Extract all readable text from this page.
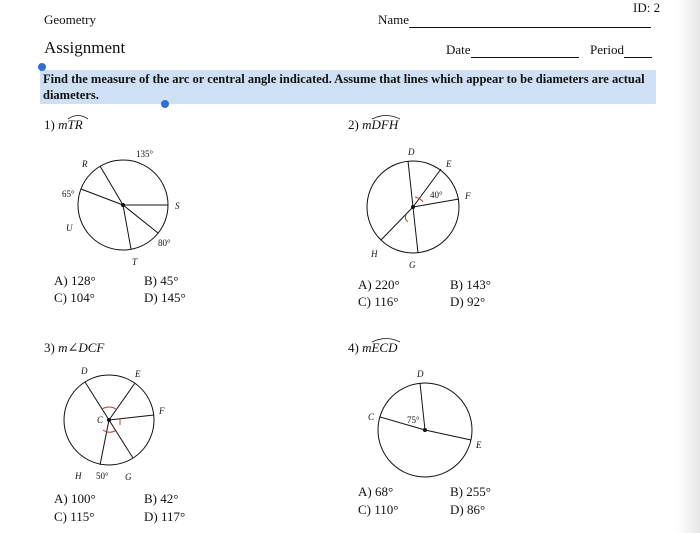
ID: 2
Geometry	Name
Assignment	Date	Period
Find the measure of the arc or central angle indicated. Assume that lines which appear to be diameters are actual diameters.
1) mTR
R
U
T
S
135°
65°
80°
A) 128°	B) 45°
C) 104°	D) 145°
2) mDFH
D
E
F
H
G
40°
A) 220°	B) 143°
C) 116°	D) 92°
3) m∠DCF
D	E
C
F
H	G
50°
A) 100°	B) 42°
C) 115°	D) 117°
4) mECD
D
C
E
75°
A) 68°	B) 255°
C) 110°	D) 86°
